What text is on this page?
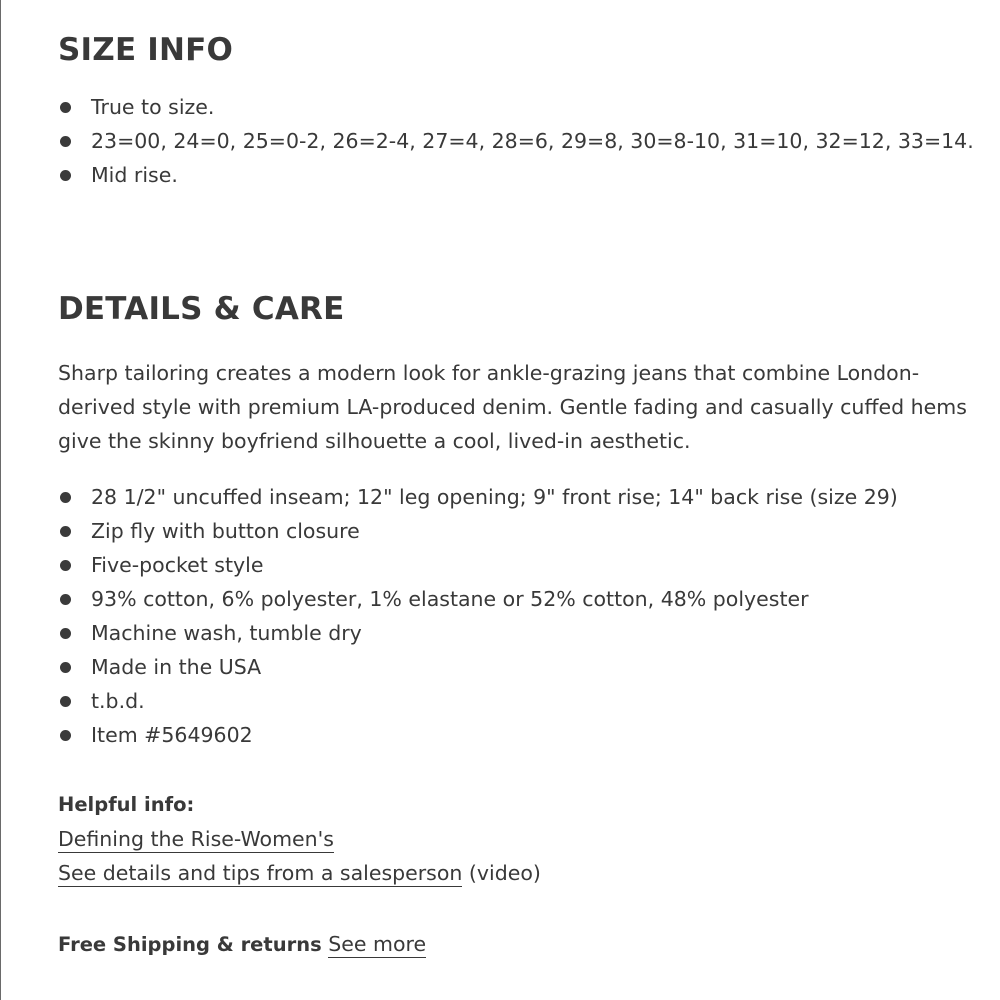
SIZE INFO
True to size.
23=00, 24=0, 25=0-2, 26=2-4, 27=4, 28=6, 29=8, 30=8-10, 31=10, 32=12, 33=14.
Mid rise.
DETAILS & CARE

Sharp tailoring creates a modern look for ankle-grazing jeans that combine London-derived style with premium LA-produced denim. Gentle fading and casually cuffed hems give the skinny boyfriend silhouette a cool, lived-in aesthetic.

28 1/2" uncuffed inseam; 12" leg opening; 9" front rise; 14" back rise (size 29)
Zip fly with button closure
Five-pocket style
93% cotton, 6% polyester, 1% elastane or 52% cotton, 48% polyester
Machine wash, tumble dry
Made in the USA
t.b.d.
Item #5649602
Helpful info:
Defining the Rise-Women's
See details and tips from a salesperson (video)
Free Shipping & returns See more
